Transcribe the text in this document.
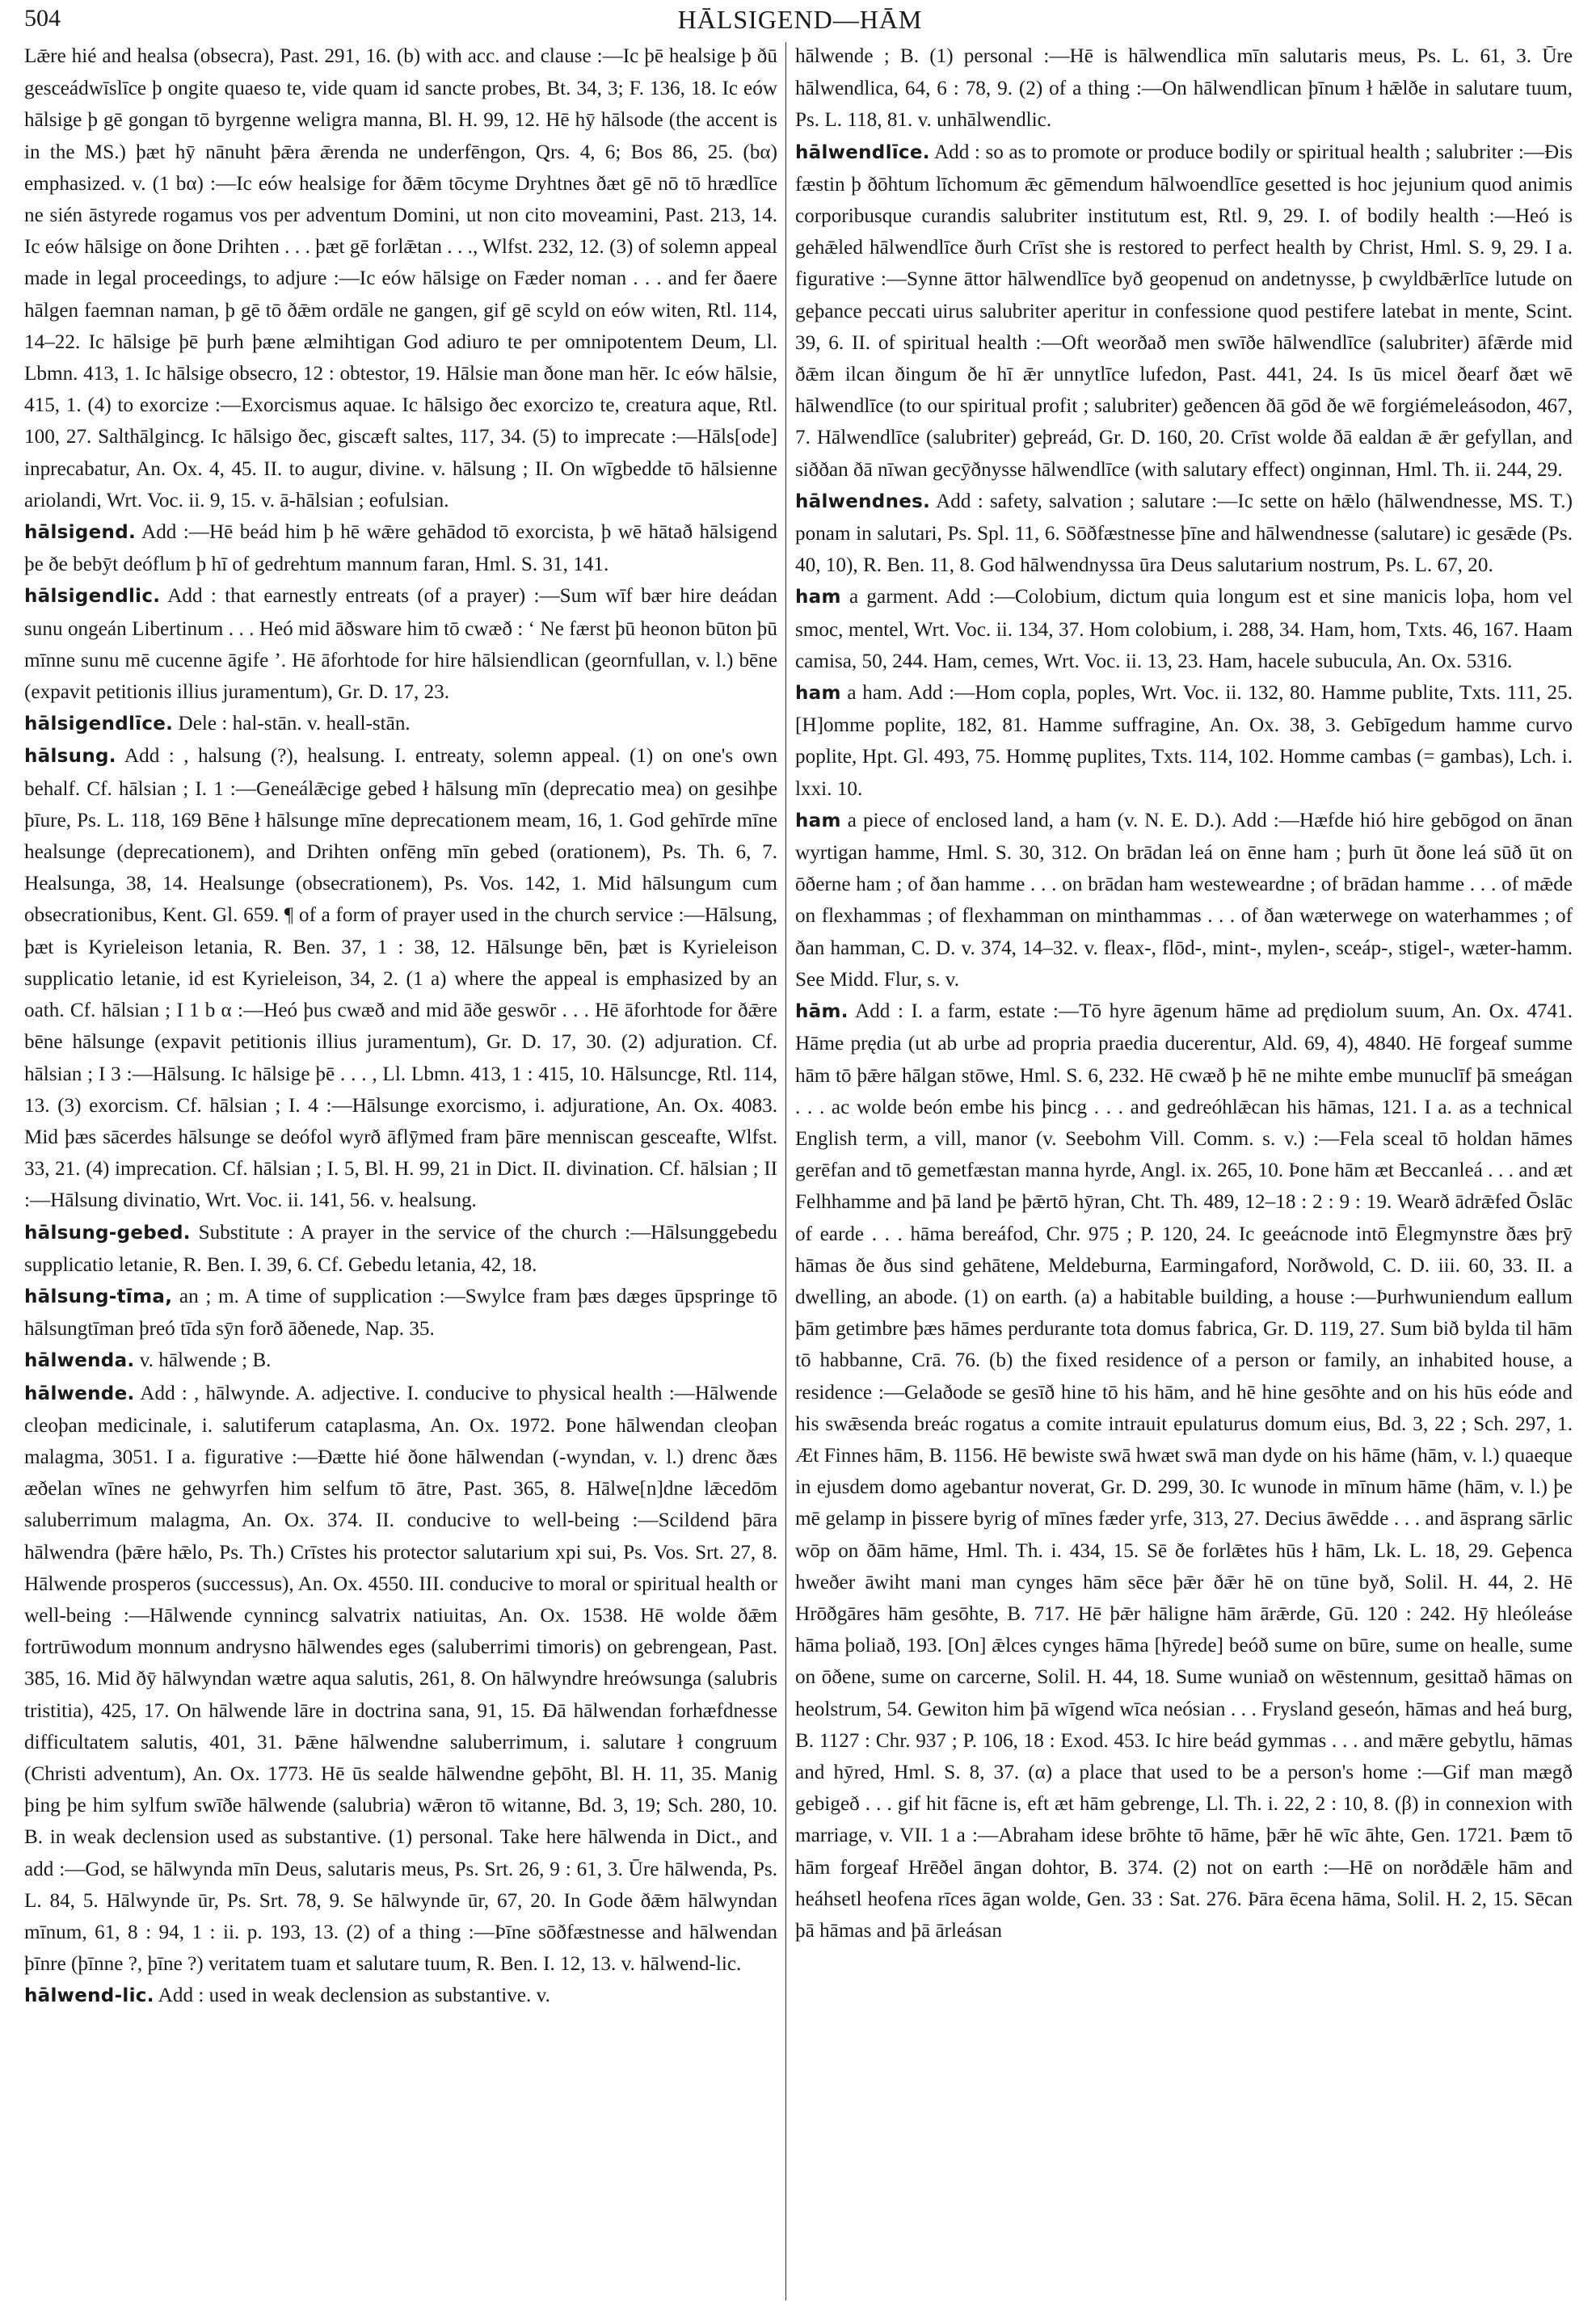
504	HĀLSIGEND—HĀM

Lǣre hié and healsa (obsecra), Past. 291, 16. (b) with acc. and clause :—Ic þē healsige þ ðū gesceádwīslīce þ ongite quaeso te, vide quam id sancte probes, Bt. 34, 3; F. 136, 18. Ic eów hālsige þ gē gongan tō byrgenne weligra manna, Bl. H. 99, 12. Hē hȳ hālsode (the accent is in the MS.) þæt hȳ nānuht þǣra ǣrenda ne underfēngon, Qrs. 4, 6; Bos 86, 25. (bα) emphasized. v. (1 bα) :—Ic eów healsige for ðǣm tōcyme Dryhtnes ðæt gē nō tō hrædlīce ne sién āstyrede rogamus vos per adventum Domini, ut non cito moveamini, Past. 213, 14. Ic eów hālsige on ðone Drihten . . . þæt gē forlǣtan . . ., Wlfst. 232, 12. (3) of solemn appeal made in legal proceedings, to adjure :—Ic eów hālsige on Fæder noman . . . and fer ðaere hālgen faemnan naman, þ gē tō ðǣm ordāle ne gangen, gif gē scyld on eów witen, Rtl. 114, 14–22. Ic hālsige þē þurh þæne ælmihtigan God adiuro te per omnipotentem Deum, Ll. Lbmn. 413, 1. Ic hālsige obsecro, 12 : obtestor, 19. Hālsie man ðone man hēr. Ic eów hālsie, 415, 1. (4) to exorcize :—Exorcismus aquae. Ic hālsigo ðec exorcizo te, creatura aque, Rtl. 100, 27. Salthālgincg. Ic hālsigo ðec, giscæft saltes, 117, 34. (5) to imprecate :—Hāls[ode] inprecabatur, An. Ox. 4, 45. II. to augur, divine. v. hālsung ; II. On wīgbedde tō hālsienne ariolandi, Wrt. Voc. ii. 9, 15. v. ā-hālsian ; eofulsian.

hālsigend. Add :—Hē beád him þ hē wǣre gehādod tō exorcista, þ wē hātað hālsigend þe ðe bebȳt deóflum þ hī of gedrehtum mannum faran, Hml. S. 31, 141.

hālsigendlic. Add : that earnestly entreats (of a prayer) :—Sum wīf bær hire deádan sunu ongeán Libertinum . . . Heó mid āðsware him tō cwæð : ‘ Ne færst þū heonon būton þū mīnne sunu mē cucenne āgife ’. Hē āforhtode for hire hālsiendlican (geornfullan, v. l.) bēne (expavit petitionis illius juramentum), Gr. D. 17, 23.

hālsigendlīce. Dele : hal-stān. v. heall-stān.

hālsung. Add : , halsung (?), healsung. I. entreaty, solemn appeal. (1) on one's own behalf. Cf. hālsian ; I. 1 :—Geneálǣcige gebed ł hālsung mīn (deprecatio mea) on gesihþe þīure, Ps. L. 118, 169 Bēne ł hālsunge mīne deprecationem meam, 16, 1. God gehīrde mīne healsunge (deprecationem), and Drihten onfēng mīn gebed (orationem), Ps. Th. 6, 7. Healsunga, 38, 14. Healsunge (obsecrationem), Ps. Vos. 142, 1. Mid hālsungum cum obsecrationibus, Kent. Gl. 659. ¶ of a form of prayer used in the church service :—Hālsung, þæt is Kyrieleison letania, R. Ben. 37, 1 : 38, 12. Hālsunge bēn, þæt is Kyrieleison supplicatio letanie, id est Kyrieleison, 34, 2. (1 a) where the appeal is emphasized by an oath. Cf. hālsian ; I 1 b α :—Heó þus cwæð and mid āðe geswōr . . . Hē āforhtode for ðǣre bēne hālsunge (expavit petitionis illius juramentum), Gr. D. 17, 30. (2) adjuration. Cf. hālsian ; I 3 :—Hālsung. Ic hālsige þē . . . , Ll. Lbmn. 413, 1 : 415, 10. Hālsuncge, Rtl. 114, 13. (3) exorcism. Cf. hālsian ; I. 4 :—Hālsunge exorcismo, i. adjuratione, An. Ox. 4083. Mid þæs sācerdes hālsunge se deófol wyrð āflȳmed fram þāre menniscan gesceafte, Wlfst. 33, 21. (4) imprecation. Cf. hālsian ; I. 5, Bl. H. 99, 21 in Dict. II. divination. Cf. hālsian ; II :—Hālsung divinatio, Wrt. Voc. ii. 141, 56. v. healsung.

hālsung-gebed. Substitute : A prayer in the service of the church :—Hālsunggebedu supplicatio letanie, R. Ben. I. 39, 6. Cf. Gebedu letania, 42, 18.

hālsung-tīma, an ; m. A time of supplication :—Swylce fram þæs dæges ūpspringe tō hālsungtīman þreó tīda sȳn forð āðenede, Nap. 35.

hālwenda. v. hālwende ; B.

hālwende. Add : , hālwynde. A. adjective. I. conducive to physical health :—Hālwende cleoþan medicinale, i. salutiferum cataplasma, An. Ox. 1972. Þone hālwendan cleoþan malagma, 3051. I a. figurative :—Ðætte hié ðone hālwendan (-wyndan, v. l.) drenc ðæs æðelan wīnes ne gehwyrfen him selfum tō ātre, Past. 365, 8. Hālwe[n]dne lǣcedōm saluberrimum malagma, An. Ox. 374. II. conducive to well-being :—Scildend þāra hālwendra (þǣre hǣlo, Ps. Th.) Crīstes his protector salutarium xpi sui, Ps. Vos. Srt. 27, 8. Hālwende prosperos (successus), An. Ox. 4550. III. conducive to moral or spiritual health or well-being :—Hālwende cynnincg salvatrix natiuitas, An. Ox. 1538. Hē wolde ðǣm fortrūwodum monnum andrysno hālwendes eges (saluberrimi timoris) on gebrengean, Past. 385, 16. Mid ðȳ hālwyndan wætre aqua salutis, 261, 8. On hālwyndre hreówsunga (salubris tristitia), 425, 17. On hālwende lāre in doctrina sana, 91, 15. Ðā hālwendan forhæfdnesse difficultatem salutis, 401, 31. Þǣne hālwendne saluberrimum, i. salutare ł congruum (Christi adventum), An. Ox. 1773. Hē ūs sealde hālwendne geþōht, Bl. H. 11, 35. Manig þing þe him sylfum swīðe hālwende (salubria) wǣron tō witanne, Bd. 3, 19; Sch. 280, 10. B. in weak declension used as substantive. (1) personal. Take here hālwenda in Dict., and add :—God, se hālwynda mīn Deus, salutaris meus, Ps. Srt. 26, 9 : 61, 3. Ūre hālwenda, Ps. L. 84, 5. Hālwynde ūr, Ps. Srt. 78, 9. Se hālwynde ūr, 67, 20. In Gode ðǣm hālwyndan mīnum, 61, 8 : 94, 1 : ii. p. 193, 13. (2) of a thing :—Þīne sōðfæstnesse and hālwendan þīnre (þīnne ?, þīne ?) veritatem tuam et salutare tuum, R. Ben. I. 12, 13. v. hālwend-lic.

hālwend-lic. Add : used in weak declension as substantive. v.

hālwende ; B. (1) personal :—Hē is hālwendlica mīn salutaris meus, Ps. L. 61, 3. Ūre hālwendlica, 64, 6 : 78, 9. (2) of a thing :—On hālwendlican þīnum ł hǣlðe in salutare tuum, Ps. L. 118, 81. v. unhālwendlic.

hālwendlīce. Add : so as to promote or produce bodily or spiritual health ; salubriter :—Ðis fæstin þ ðōhtum līchomum ǣc gēmendum hālwoendlīce gesetted is hoc jejunium quod animis corporibusque curandis salubriter institutum est, Rtl. 9, 29. I. of bodily health :—Heó is gehǣled hālwendlīce ðurh Crīst she is restored to perfect health by Christ, Hml. S. 9, 29. I a. figurative :—Synne āttor hālwendlīce byð geopenud on andetnysse, þ cwyldbǣrlīce lutude on geþance peccati uirus salubriter aperitur in confessione quod pestifere latebat in mente, Scint. 39, 6. II. of spiritual health :—Oft weorðað men swīðe hālwendlīce (salubriter) āfǣrde mid ðǣm ilcan ðingum ðe hī ǣr unnytlīce lufedon, Past. 441, 24. Is ūs micel ðearf ðæt wē hālwendlīce (to our spiritual profit ; salubriter) geðencen ðā gōd ðe wē forgiémeleásodon, 467, 7. Hālwendlīce (salubriter) geþreád, Gr. D. 160, 20. Crīst wolde ðā ealdan ǣ ǣr gefyllan, and siððan ðā nīwan gecȳðnysse hālwendlīce (with salutary effect) onginnan, Hml. Th. ii. 244, 29.

hālwendnes. Add : safety, salvation ; salutare :—Ic sette on hǣlo (hālwendnesse, MS. T.) ponam in salutari, Ps. Spl. 11, 6. Sōðfæstnesse þīne and hālwendnesse (salutare) ic gesǣde (Ps. 40, 10), R. Ben. 11, 8. God hālwendnyssa ūra Deus salutarium nostrum, Ps. L. 67, 20.

ham a garment. Add :—Colobium, dictum quia longum est et sine manicis loþa, hom vel smoc, mentel, Wrt. Voc. ii. 134, 37. Hom colobium, i. 288, 34. Ham, hom, Txts. 46, 167. Haam camisa, 50, 244. Ham, cemes, Wrt. Voc. ii. 13, 23. Ham, hacele subucula, An. Ox. 5316.

ham a ham. Add :—Hom copla, poples, Wrt. Voc. ii. 132, 80. Hamme publite, Txts. 111, 25. [H]omme poplite, 182, 81. Hamme suffragine, An. Ox. 38, 3. Gebīgedum hamme curvo poplite, Hpt. Gl. 493, 75. Hommę puplites, Txts. 114, 102. Homme cambas (= gambas), Lch. i. lxxi. 10.

ham a piece of enclosed land, a ham (v. N. E. D.). Add :—Hæfde hió hire gebōgod on ānan wyrtigan hamme, Hml. S. 30, 312. On brādan leá on ēnne ham ; þurh ūt ðone leá sūð ūt on ōðerne ham ; of ðan hamme . . . on brādan ham westeweardne ; of brādan hamme . . . of mǣde on flexhammas ; of flexhamman on minthammas . . . of ðan wæterwege on waterhammes ; of ðan hamman, C. D. v. 374, 14–32. v. fleax-, flōd-, mint-, mylen-, sceáp-, stigel-, wæter-hamm. See Midd. Flur, s. v.

hām. Add : I. a farm, estate :—Tō hyre āgenum hāme ad prędiolum suum, An. Ox. 4741. Hāme prędia (ut ab urbe ad propria praedia ducerentur, Ald. 69, 4), 4840. Hē forgeaf summe hām tō þǣre hālgan stōwe, Hml. S. 6, 232. Hē cwæð þ hē ne mihte embe munuclīf þā smeágan . . . ac wolde beón embe his þincg . . . and gedreóhlǣcan his hāmas, 121. I a. as a technical English term, a vill, manor (v. Seebohm Vill. Comm. s. v.) :—Fela sceal tō holdan hāmes gerēfan and tō gemetfæstan manna hyrde, Angl. ix. 265, 10. Þone hām æt Beccanleá . . . and æt Felhhamme and þā land þe þǣrtō hȳran, Cht. Th. 489, 12–18 : 2 : 9 : 19. Wearð ādrǣfed Ōslāc of earde . . . hāma bereáfod, Chr. 975 ; P. 120, 24. Ic geeácnode intō Ēlegmynstre ðæs þrȳ hāmas ðe ðus sind gehātene, Meldeburna, Earmingaford, Norðwold, C. D. iii. 60, 33. II. a dwelling, an abode. (1) on earth. (a) a habitable building, a house :—Þurhwuniendum eallum þām getimbre þæs hāmes perdurante tota domus fabrica, Gr. D. 119, 27. Sum bið bylda til hām tō habbanne, Crā. 76. (b) the fixed residence of a person or family, an inhabited house, a residence :—Gelaðode se gesīð hine tō his hām, and hē hine gesōhte and on his hūs eóde and his swǣsenda breác rogatus a comite intrauit epulaturus domum eius, Bd. 3, 22 ; Sch. 297, 1. Æt Finnes hām, B. 1156. Hē bewiste swā hwæt swā man dyde on his hāme (hām, v. l.) quaeque in ejusdem domo agebantur noverat, Gr. D. 299, 30. Ic wunode in mīnum hāme (hām, v. l.) þe mē gelamp in þissere byrig of mīnes fæder yrfe, 313, 27. Decius āwēdde . . . and āsprang sārlic wōp on ðām hāme, Hml. Th. i. 434, 15. Sē ðe forlǣtes hūs ł hām, Lk. L. 18, 29. Geþenca hweðer āwiht mani man cynges hām sēce þǣr ðǣr hē on tūne byð, Solil. H. 44, 2. Hē Hrōðgāres hām gesōhte, B. 717. Hē þǣr hāligne hām ārǣrde, Gū. 120 : 242. Hȳ hleóleáse hāma þoliað, 193. [On] ǣlces cynges hāma [hȳrede] beóð sume on būre, sume on healle, sume on ōðene, sume on carcerne, Solil. H. 44, 18. Sume wuniað on wēstennum, gesittað hāmas on heolstrum, 54. Gewiton him þā wīgend wīca neósian . . . Frysland geseón, hāmas and heá burg, B. 1127 : Chr. 937 ; P. 106, 18 : Exod. 453. Ic hire beád gymmas . . . and mǣre gebytlu, hāmas and hȳred, Hml. S. 8, 37. (α) a place that used to be a person's home :—Gif man mægð gebigeð . . . gif hit fācne is, eft æt hām gebrenge, Ll. Th. i. 22, 2 : 10, 8. (β) in connexion with marriage, v. VII. 1 a :—Abraham idese brōhte tō hāme, þǣr hē wīc āhte, Gen. 1721. Þæm tō hām forgeaf Hrēðel āngan dohtor, B. 374. (2) not on earth :—Hē on norðdǣle hām and heáhsetl heofena rīces āgan wolde, Gen. 33 : Sat. 276. Þāra ēcena hāma, Solil. H. 2, 15. Sēcan þā hāmas and þā ārleásan
